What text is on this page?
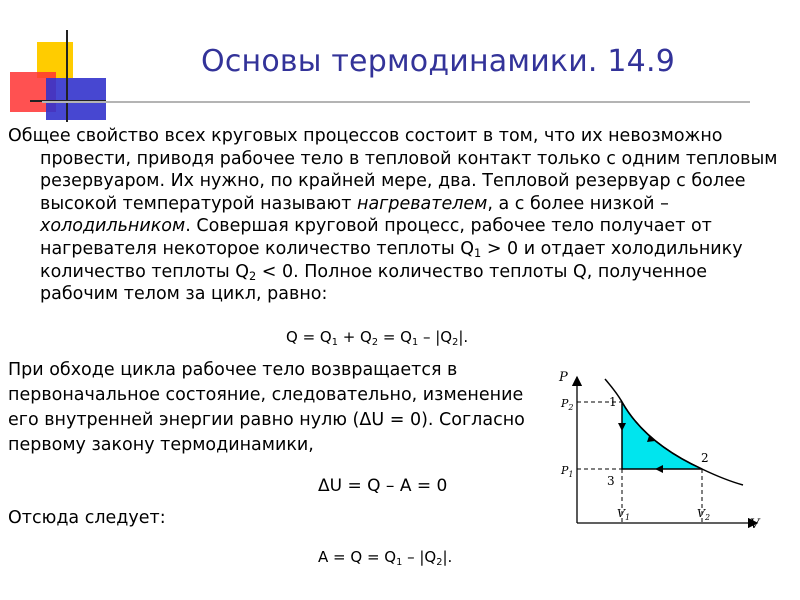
Основы термодинамики. 14.9
Общее свойство всех круговых процессов состоит в том, что их невозможно провести, приводя рабочее тело в тепловой контакт только с одним тепловым резервуаром. Их нужно, по крайней мере, два. Тепловой резервуар с более высокой температурой называют нагревателем, а с более низкой – холодильником. Совершая круговой процесс, рабочее тело получает от нагревателя некоторое количество теплоты $Q_1 > 0$ и отдает холодильнику количество теплоты $Q_2 < 0$. Полное количество теплоты Q, полученное рабочим телом за цикл, равно:
$Q = Q_1 + Q_2 = Q_1 - |Q_2|$.
При обходе цикла рабочее тело возвращается в первоначальное состояние, следовательно, изменение его внутренней энергии равно нулю (ΔU = 0). Согласно первому закону термодинамики,
ΔU = Q – A = 0
Отсюда следует:
$A = Q = Q_1 - |Q_2|$.
P
V
$P_2$
$P_1$
$V_1$	$V_2$
1
2
3
